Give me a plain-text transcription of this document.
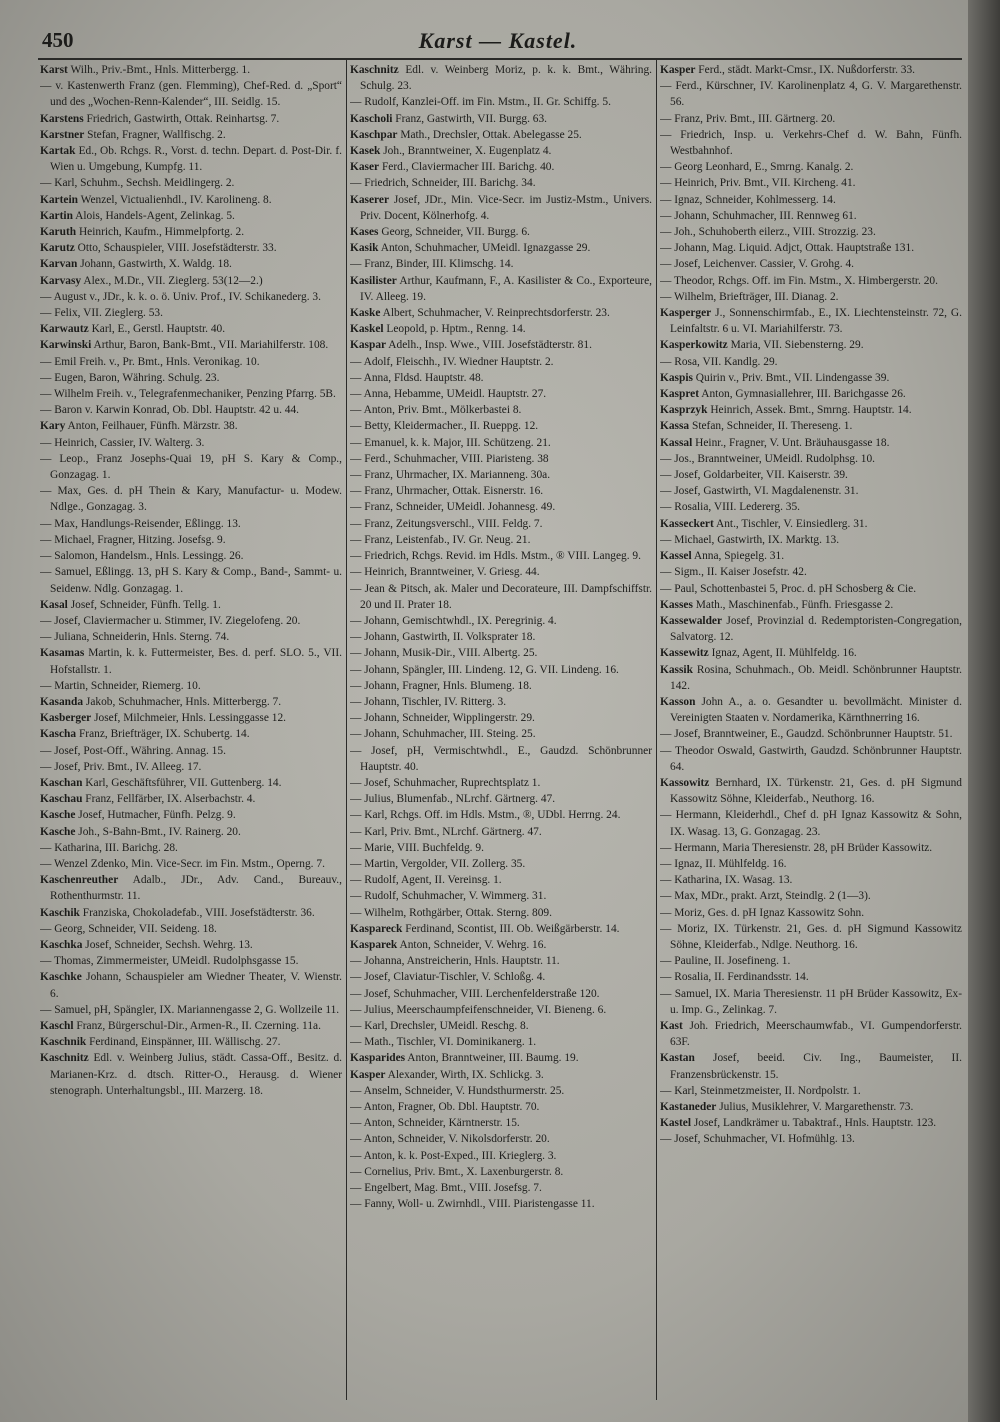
450	Karst — Kastel.

Karst Wilh., Priv.-Bmt., Hnls. Mitterbergg. 1.

— v. Kastenwerth Franz (gen. Flemming), Chef-Red. d. „Sport“ und des „Wochen-Renn-Kalender“, III. Seidlg. 15.

Karstens Friedrich, Gastwirth, Ottak. Reinhartsg. 7.

Karstner Stefan, Fragner, Wallfischg. 2.

Kartak Ed., Ob. Rchgs. R., Vorst. d. techn. Depart. d. Post-Dir. f. Wien u. Umgebung, Kumpfg. 11.

— Karl, Schuhm., Sechsh. Meidlingerg. 2.

Kartein Wenzel, Victualienhdl., IV. Karolineng. 8.

Kartin Alois, Handels-Agent, Zelinkag. 5.

Karuth Heinrich, Kaufm., Himmelpfortg. 2.

Karutz Otto, Schauspieler, VIII. Josefstädterstr. 33.

Karvan Johann, Gastwirth, X. Waldg. 18.

Karvasy Alex., M.Dr., VII. Zieglerg. 53(12—2.)

— August v., JDr., k. k. o. ö. Univ. Prof., IV. Schikanederg. 3.

— Felix, VII. Zieglerg. 53.

Karwautz Karl, E., Gerstl. Hauptstr. 40.

Karwinski Arthur, Baron, Bank-Bmt., VII. Mariahilferstr. 108.

— Emil Freih. v., Pr. Bmt., Hnls. Veronikag. 10.

— Eugen, Baron, Währing. Schulg. 23.

— Wilhelm Freih. v., Telegrafenmechaniker, Penzing Pfarrg. 5B.

— Baron v. Karwin Konrad, Ob. Dbl. Hauptstr. 42 u. 44.

Kary Anton, Feilhauer, Fünfh. Märzstr. 38.

— Heinrich, Cassier, IV. Walterg. 3.

— Leop., Franz Josephs-Quai 19, pH S. Kary & Comp., Gonzagag. 1.

— Max, Ges. d. pH Thein & Kary, Manufactur- u. Modew. Ndlge., Gonzagag. 3.

— Max, Handlungs-Reisender, Eßlingg. 13.

— Michael, Fragner, Hitzing. Josefsg. 9.

— Salomon, Handelsm., Hnls. Lessingg. 26.

— Samuel, Eßlingg. 13, pH S. Kary & Comp., Band-, Sammt- u. Seidenw. Ndlg. Gonzagag. 1.

Kasal Josef, Schneider, Fünfh. Tellg. 1.

— Josef, Claviermacher u. Stimmer, IV. Ziegelofeng. 20.

— Juliana, Schneiderin, Hnls. Sterng. 74.

Kasamas Martin, k. k. Futtermeister, Bes. d. perf. SLO. 5., VII. Hofstallstr. 1.

— Martin, Schneider, Riemerg. 10.

Kasanda Jakob, Schuhmacher, Hnls. Mitterbergg. 7.

Kasberger Josef, Milchmeier, Hnls. Lessinggasse 12.

Kascha Franz, Briefträger, IX. Schubertg. 14.

— Josef, Post-Off., Währing. Annag. 15.

— Josef, Priv. Bmt., IV. Alleeg. 17.

Kaschan Karl, Geschäftsführer, VII. Guttenberg. 14.

Kaschau Franz, Fellfärber, IX. Alserbachstr. 4.

Kasche Josef, Hutmacher, Fünfh. Pelzg. 9.

Kasche Joh., S-Bahn-Bmt., IV. Rainerg. 20.

— Katharina, III. Barichg. 28.

— Wenzel Zdenko, Min. Vice-Secr. im Fin. Mstm., Operng. 7.

Kaschenreuther Adalb., JDr., Adv. Cand., Bureauv., Rothenthurmstr. 11.

Kaschik Franziska, Chokoladefab., VIII. Josefstädterstr. 36.

— Georg, Schneider, VII. Seideng. 18.

Kaschka Josef, Schneider, Sechsh. Wehrg. 13.

— Thomas, Zimmermeister, UMeidl. Rudolphsgasse 15.

Kaschke Johann, Schauspieler am Wiedner Theater, V. Wienstr. 6.

— Samuel, pH, Spängler, IX. Mariannengasse 2, G. Wollzeile 11.

Kaschl Franz, Bürgerschul-Dir., Armen-R., II. Czerning. 11a.

Kaschnik Ferdinand, Einspänner, III. Wällischg. 27.

Kaschnitz Edl. v. Weinberg Julius, städt. Cassa-Off., Besitz. d. Marianen-Krz. d. dtsch. Ritter-O., Herausg. d. Wiener stenograph. Unterhaltungsbl., III. Marzerg. 18.

Kaschnitz Edl. v. Weinberg Moriz, p. k. k. Bmt., Währing. Schulg. 23.

— Rudolf, Kanzlei-Off. im Fin. Mstm., II. Gr. Schiffg. 5.

Kascholi Franz, Gastwirth, VII. Burgg. 63.

Kaschpar Math., Drechsler, Ottak. Abelegasse 25.

Kasek Joh., Branntweiner, X. Eugenplatz 4.

Kaser Ferd., Claviermacher III. Barichg. 40.

— Friedrich, Schneider, III. Barichg. 34.

Kaserer Josef, JDr., Min. Vice-Secr. im Justiz-Mstm., Univers. Priv. Docent, Kölnerhofg. 4.

Kases Georg, Schneider, VII. Burgg. 6.

Kasik Anton, Schuhmacher, UMeidl. Ignazgasse 29.

— Franz, Binder, III. Klimschg. 14.

Kasilister Arthur, Kaufmann, F., A. Kasilister & Co., Exporteure, IV. Alleeg. 19.

Kaske Albert, Schuhmacher, V. Reinprechtsdorferstr. 23.

Kaskel Leopold, p. Hptm., Renng. 14.

Kaspar Adelh., Insp. Wwe., VIII. Josefstädterstr. 81.

— Adolf, Fleischh., IV. Wiedner Hauptstr. 2.

— Anna, Fldsd. Hauptstr. 48.

— Anna, Hebamme, UMeidl. Hauptstr. 27.

— Anton, Priv. Bmt., Mölkerbastei 8.

— Betty, Kleidermacher., II. Rueppg. 12.

— Emanuel, k. k. Major, III. Schützeng. 21.

— Ferd., Schuhmacher, VIII. Piaristeng. 38

— Franz, Uhrmacher, IX. Marianneng. 30a.

— Franz, Uhrmacher, Ottak. Eisnerstr. 16.

— Franz, Schneider, UMeidl. Johannesg. 49.

— Franz, Zeitungsverschl., VIII. Feldg. 7.

— Franz, Leistenfab., IV. Gr. Neug. 21.

— Friedrich, Rchgs. Revid. im Hdls. Mstm., ® VIII. Langeg. 9.

— Heinrich, Branntweiner, V. Griesg. 44.

— Jean & Pitsch, ak. Maler und Decorateure, III. Dampfschiffstr. 20 und II. Prater 18.

— Johann, Gemischtwhdl., IX. Peregrinig. 4.

— Johann, Gastwirth, II. Volksprater 18.

— Johann, Musik-Dir., VIII. Albertg. 25.

— Johann, Spängler, III. Lindeng. 12, G. VII. Lindeng. 16.

— Johann, Fragner, Hnls. Blumeng. 18.

— Johann, Tischler, IV. Ritterg. 3.

— Johann, Schneider, Wipplingerstr. 29.

— Johann, Schuhmacher, III. Steing. 25.

— Josef, pH, Vermischtwhdl., E., Gaudzd. Schönbrunner Hauptstr. 40.

— Josef, Schuhmacher, Ruprechtsplatz 1.

— Julius, Blumenfab., NLrchf. Gärtnerg. 47.

— Karl, Rchgs. Off. im Hdls. Mstm., ®, UDbl. Herrng. 24.

— Karl, Priv. Bmt., NLrchf. Gärtnerg. 47.

— Marie, VIII. Buchfeldg. 9.

— Martin, Vergolder, VII. Zollerg. 35.

— Rudolf, Agent, II. Vereinsg. 1.

— Rudolf, Schuhmacher, V. Wimmerg. 31.

— Wilhelm, Rothgärber, Ottak. Sterng. 809.

Kaspareck Ferdinand, Scontist, III. Ob. Weißgärberstr. 14.

Kasparek Anton, Schneider, V. Wehrg. 16.

— Johanna, Anstreicherin, Hnls. Hauptstr. 11.

— Josef, Claviatur-Tischler, V. Schloßg. 4.

— Josef, Schuhmacher, VIII. Lerchenfelderstraße 120.

— Julius, Meerschaumpfeifenschneider, VI. Bieneng. 6.

— Karl, Drechsler, UMeidl. Reschg. 8.

— Math., Tischler, VI. Dominikanerg. 1.

Kasparides Anton, Branntweiner, III. Baumg. 19.

Kasper Alexander, Wirth, IX. Schlickg. 3.

— Anselm, Schneider, V. Hundsthurmerstr. 25.

— Anton, Fragner, Ob. Dbl. Hauptstr. 70.

— Anton, Schneider, Kärntnerstr. 15.

— Anton, Schneider, V. Nikolsdorferstr. 20.

— Anton, k. k. Post-Exped., III. Krieglerg. 3.

— Cornelius, Priv. Bmt., X. Laxenburgerstr. 8.

— Engelbert, Mag. Bmt., VIII. Josefsg. 7.

— Fanny, Woll- u. Zwirnhdl., VIII. Piaristengasse 11.

Kasper Ferd., städt. Markt-Cmsr., IX. Nußdorferstr. 33.

— Ferd., Kürschner, IV. Karolinenplatz 4, G. V. Margarethenstr. 56.

— Franz, Priv. Bmt., III. Gärtnerg. 20.

— Friedrich, Insp. u. Verkehrs-Chef d. W. Bahn, Fünfh. Westbahnhof.

— Georg Leonhard, E., Smrng. Kanalg. 2.

— Heinrich, Priv. Bmt., VII. Kircheng. 41.

— Ignaz, Schneider, Kohlmesserg. 14.

— Johann, Schuhmacher, III. Rennweg 61.

— Joh., Schuhoberth eilerz., VIII. Strozzig. 23.

— Johann, Mag. Liquid. Adjct, Ottak. Hauptstraße 131.

— Josef, Leichenver. Cassier, V. Grohg. 4.

— Theodor, Rchgs. Off. im Fin. Mstm., X. Himbergerstr. 20.

— Wilhelm, Briefträger, III. Dianag. 2.

Kasperger J., Sonnenschirmfab., E., IX. Liechtensteinstr. 72, G. Leinfaltstr. 6 u. VI. Mariahilferstr. 73.

Kasperkowitz Maria, VII. Siebensterng. 29.

— Rosa, VII. Kandlg. 29.

Kaspis Quirin v., Priv. Bmt., VII. Lindengasse 39.

Kaspret Anton, Gymnasiallehrer, III. Barichgasse 26.

Kasprzyk Heinrich, Assek. Bmt., Smrng. Hauptstr. 14.

Kassa Stefan, Schneider, II. Thereseng. 1.

Kassal Heinr., Fragner, V. Unt. Bräuhausgasse 18.

— Jos., Branntweiner, UMeidl. Rudolphsg. 10.

— Josef, Goldarbeiter, VII. Kaiserstr. 39.

— Josef, Gastwirth, VI. Magdalenenstr. 31.

— Rosalia, VIII. Ledererg. 35.

Kasseckert Ant., Tischler, V. Einsiedlerg. 31.

— Michael, Gastwirth, IX. Marktg. 13.

Kassel Anna, Spiegelg. 31.

— Sigm., II. Kaiser Josefstr. 42.

— Paul, Schottenbastei 5, Proc. d. pH Schosberg & Cie.

Kasses Math., Maschinenfab., Fünfh. Friesgasse 2.

Kassewalder Josef, Provinzial d. Redemptoristen-Congregation, Salvatorg. 12.

Kassewitz Ignaz, Agent, II. Mühlfeldg. 16.

Kassik Rosina, Schuhmach., Ob. Meidl. Schönbrunner Hauptstr. 142.

Kasson John A., a. o. Gesandter u. bevollmächt. Minister d. Vereinigten Staaten v. Nordamerika, Kärnthnerring 16.

— Josef, Branntweiner, E., Gaudzd. Schönbrunner Hauptstr. 51.

— Theodor Oswald, Gastwirth, Gaudzd. Schönbrunner Hauptstr. 64.

Kassowitz Bernhard, IX. Türkenstr. 21, Ges. d. pH Sigmund Kassowitz Söhne, Kleiderfab., Neuthorg. 16.

— Hermann, Kleiderhdl., Chef d. pH Ignaz Kassowitz & Sohn, IX. Wasag. 13, G. Gonzagag. 23.

— Hermann, Maria Theresienstr. 28, pH Brüder Kassowitz.

— Ignaz, II. Mühlfeldg. 16.

— Katharina, IX. Wasag. 13.

— Max, MDr., prakt. Arzt, Steindlg. 2 (1—3).

— Moriz, Ges. d. pH Ignaz Kassowitz Sohn.

— Moriz, IX. Türkenstr. 21, Ges. d. pH Sigmund Kassowitz Söhne, Kleiderfab., Ndlge. Neuthorg. 16.

— Pauline, II. Josefineng. 1.

— Rosalia, II. Ferdinandsstr. 14.

— Samuel, IX. Maria Theresienstr. 11 pH Brüder Kassowitz, Ex- u. Imp. G., Zelinkag. 7.

Kast Joh. Friedrich, Meerschaumwfab., VI. Gumpendorferstr. 63F.

Kastan Josef, beeid. Civ. Ing., Baumeister, II. Franzensbrückenstr. 15.

— Karl, Steinmetzmeister, II. Nordpolstr. 1.

Kastaneder Julius, Musiklehrer, V. Margarethenstr. 73.

Kastel Josef, Landkrämer u. Tabaktraf., Hnls. Hauptstr. 123.

— Josef, Schuhmacher, VI. Hofmühlg. 13.
